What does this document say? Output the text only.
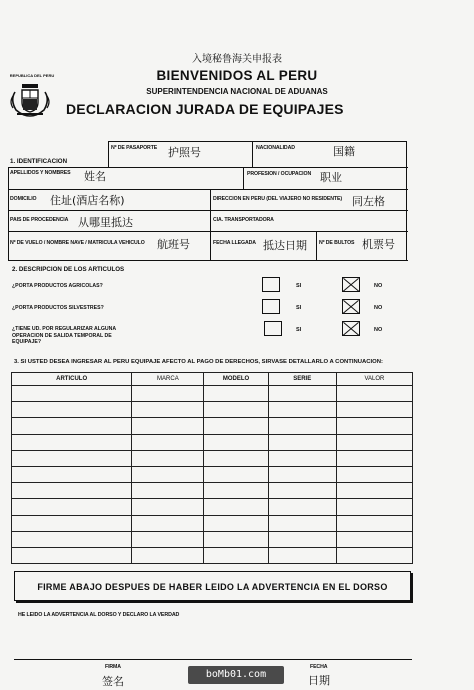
入境秘鲁海关申报表
REPUBLICA DEL PERU	BIENVENIDOS AL PERU
SUPERINTENDENCIA NACIONAL DE ADUANAS
DECLARACION JURADA DE EQUIPAJES
Nº DE PASAPORTE 护照号	NACIONALIDAD	国籍
1. IDENTIFICACION
APELLIDOS Y NOMBRES 姓名	PROFESION / OCUPACION 职业
DOMICILIO 住址(酒店名称)	DIRECCION EN PERU (DEL VIAJERO NO RESIDENTE) 同左格
PAIS DE PROCEDENCIA 从哪里抵达	CIA. TRANSPORTADORA
Nº DE VUELO / NOMBRE NAVE / MATRICULA VEHICULO 航班号	FECHA LLEGADA 抵达日期	Nº DE BULTOS 机票号
2. DESCRIPCION DE LOS ARTICULOS
¿PORTA PRODUCTOS AGRICOLAS?	SI	NO
¿PORTA PRODUCTOS SILVESTRES?	SI	NO
¿TIENE UD. POR REGULARIZAR ALGUNA OPERACION DE SALIDA TEMPORAL DE EQUIPAJE?
SI	NO
3. SI USTED DESEA INGRESAR AL PERU EQUIPAJE AFECTO AL PAGO DE DERECHOS, SIRVASE DETALLARLO A CONTINUACION:
ARTICULO	MARCA	MODELO	SERIE	VALOR

FIRME ABAJO DESPUES DE HABER LEIDO LA ADVERTENCIA EN EL DORSO
HE LEIDO LA ADVERTENCIA AL DORSO Y DECLARO LA VERDAD
FIRMA
签名
FECHA
日期
boMb01.com
